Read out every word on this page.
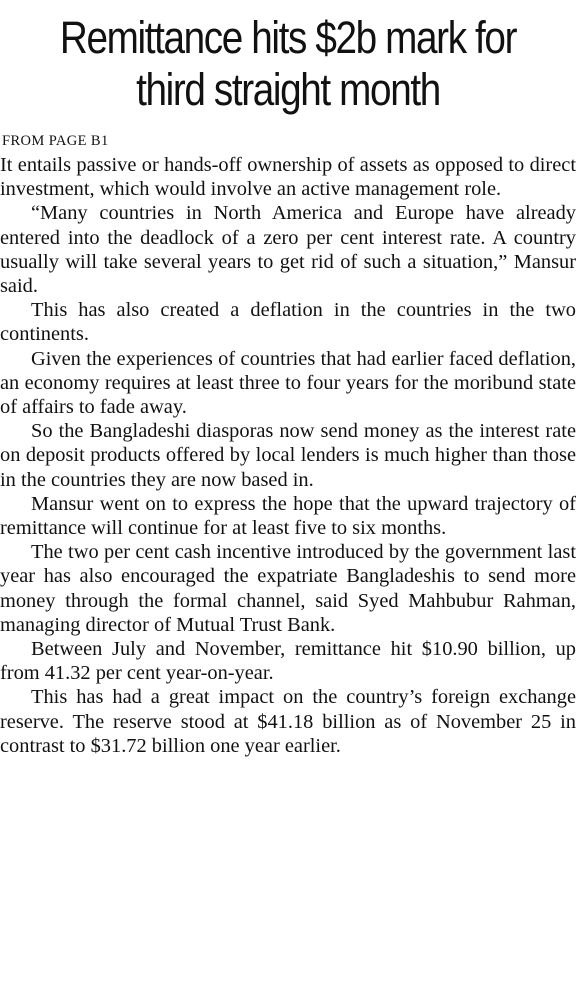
Remittance hits $2b mark for
third straight month
FROM PAGE B1

It entails passive or hands-off ownership of assets as opposed to direct investment, which would involve an active management role.

“Many countries in North America and Europe have already entered into the deadlock of a zero per cent interest rate. A country usually will take several years to get rid of such a situation,” Mansur said.

This has also created a deflation in the countries in the two continents.

Given the experiences of countries that had earlier faced deflation, an economy requires at least three to four years for the moribund state of affairs to fade away.

So the Bangladeshi diasporas now send money as the interest rate on deposit products offered by local lenders is much higher than those in the countries they are now based in.

Mansur went on to express the hope that the upward trajectory of remittance will continue for at least five to six months.

The two per cent cash incentive introduced by the government last year has also encouraged the expatriate Bangladeshis to send more money through the formal channel, said Syed Mahbubur Rahman, managing director of Mutual Trust Bank.

Between July and November, remittance hit $10.90 billion, up from 41.32 per cent year-on-year.

This has had a great impact on the country’s foreign exchange reserve. The reserve stood at $41.18 billion as of November 25 in contrast to $31.72 billion one year earlier.
